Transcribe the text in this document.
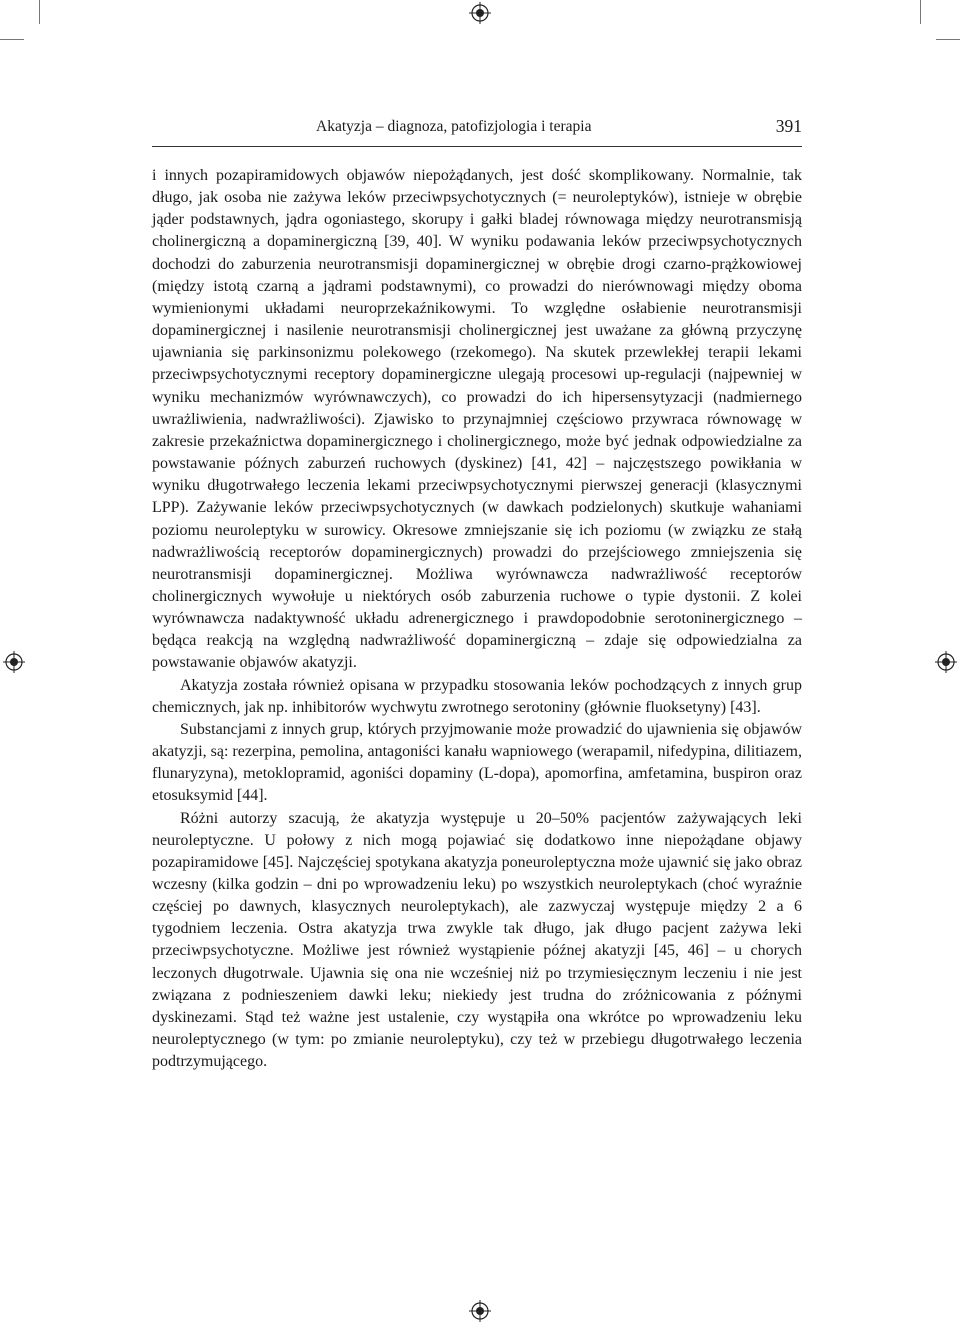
Akatyzja – diagnoza, patofizjologia i terapia	391

i innych pozapiramidowych objawów niepożądanych, jest dość skomplikowany. Normalnie, tak długo, jak osoba nie zażywa leków przeciwpsychotycznych (= neuroleptyków), istnieje w obrębie jąder podstawnych, jądra ogoniastego, skorupy i gałki bladej równowaga między neurotransmisją cholinergiczną a dopaminergiczną [39, 40]. W wyniku podawania leków przeciwpsychotycznych dochodzi do zaburzenia neurotransmisji dopaminergicznej w obrębie drogi czarno-prążkowiowej (między istotą czarną a jądrami podstawnymi), co prowadzi do nierównowagi między oboma wymienionymi układami neuroprzekaźnikowymi. To względne osłabienie neurotransmisji dopaminergicznej i nasilenie neurotransmisji cholinergicznej jest uważane za główną przyczynę ujawniania się parkinsonizmu polekowego (rzekomego). Na skutek przewlekłej terapii lekami przeciwpsychotycznymi receptory dopaminergiczne ulegają procesowi up-regulacji (najpewniej w wyniku mechanizmów wyrównawczych), co prowadzi do ich hipersensytyzacji (nadmiernego uwrażliwienia, nadwrażliwości). Zjawisko to przynajmniej częściowo przywraca równowagę w zakresie przekaźnictwa dopaminergicznego i cholinergicznego, może być jednak odpowiedzialne za powstawanie późnych zaburzeń ruchowych (dyskinez) [41, 42] – najczęstszego powikłania w wyniku długotrwałego leczenia lekami przeciwpsychotycznymi pierwszej generacji (klasycznymi LPP). Zażywanie leków przeciwpsychotycznych (w dawkach podzielonych) skutkuje wahaniami poziomu neuroleptyku w surowicy. Okresowe zmniejszanie się ich poziomu (w związku ze stałą nadwrażliwością receptorów dopaminergicznych) prowadzi do przejściowego zmniejszenia się neurotransmisji dopaminergicznej. Możliwa wyrównawcza nadwrażliwość receptorów cholinergicznych wywołuje u niektórych osób zaburzenia ruchowe o typie dystonii. Z kolei wyrównawcza nadaktywność układu adrenergicznego i prawdopodobnie serotoninergicznego – będąca reakcją na względną nadwrażliwość dopaminergiczną – zdaje się odpowiedzialna za powstawanie objawów akatyzji.

Akatyzja została również opisana w przypadku stosowania leków pochodzących z innych grup chemicznych, jak np. inhibitorów wychwytu zwrotnego serotoniny (głównie fluoksetyny) [43].

Substancjami z innych grup, których przyjmowanie może prowadzić do ujawnienia się objawów akatyzji, są: rezerpina, pemolina, antagoniści kanału wapniowego (werapamil, nifedypina, dilitiazem, flunaryzyna), metoklopramid, agoniści dopaminy (L-dopa), apomorfina, amfetamina, buspiron oraz etosuksymid [44].

Różni autorzy szacują, że akatyzja występuje u 20–50% pacjentów zażywających leki neuroleptyczne. U połowy z nich mogą pojawiać się dodatkowo inne niepożądane objawy pozapiramidowe [45]. Najczęściej spotykana akatyzja poneuroleptyczna może ujawnić się jako obraz wczesny (kilka godzin – dni po wprowadzeniu leku) po wszystkich neuroleptykach (choć wyraźnie częściej po dawnych, klasycznych neuroleptykach), ale zazwyczaj występuje między 2 a 6 tygodniem leczenia. Ostra akatyzja trwa zwykle tak długo, jak długo pacjent zażywa leki przeciwpsychotyczne. Możliwe jest również wystąpienie późnej akatyzji [45, 46] – u chorych leczonych długotrwale. Ujawnia się ona nie wcześniej niż po trzymiesięcznym leczeniu i nie jest związana z podnieszeniem dawki leku; niekiedy jest trudna do zróżnicowania z późnymi dyskinezami. Stąd też ważne jest ustalenie, czy wystąpiła ona wkrótce po wprowadzeniu leku neuroleptycznego (w tym: po zmianie neuroleptyku), czy też w przebiegu długotrwałego leczenia podtrzymującego.
